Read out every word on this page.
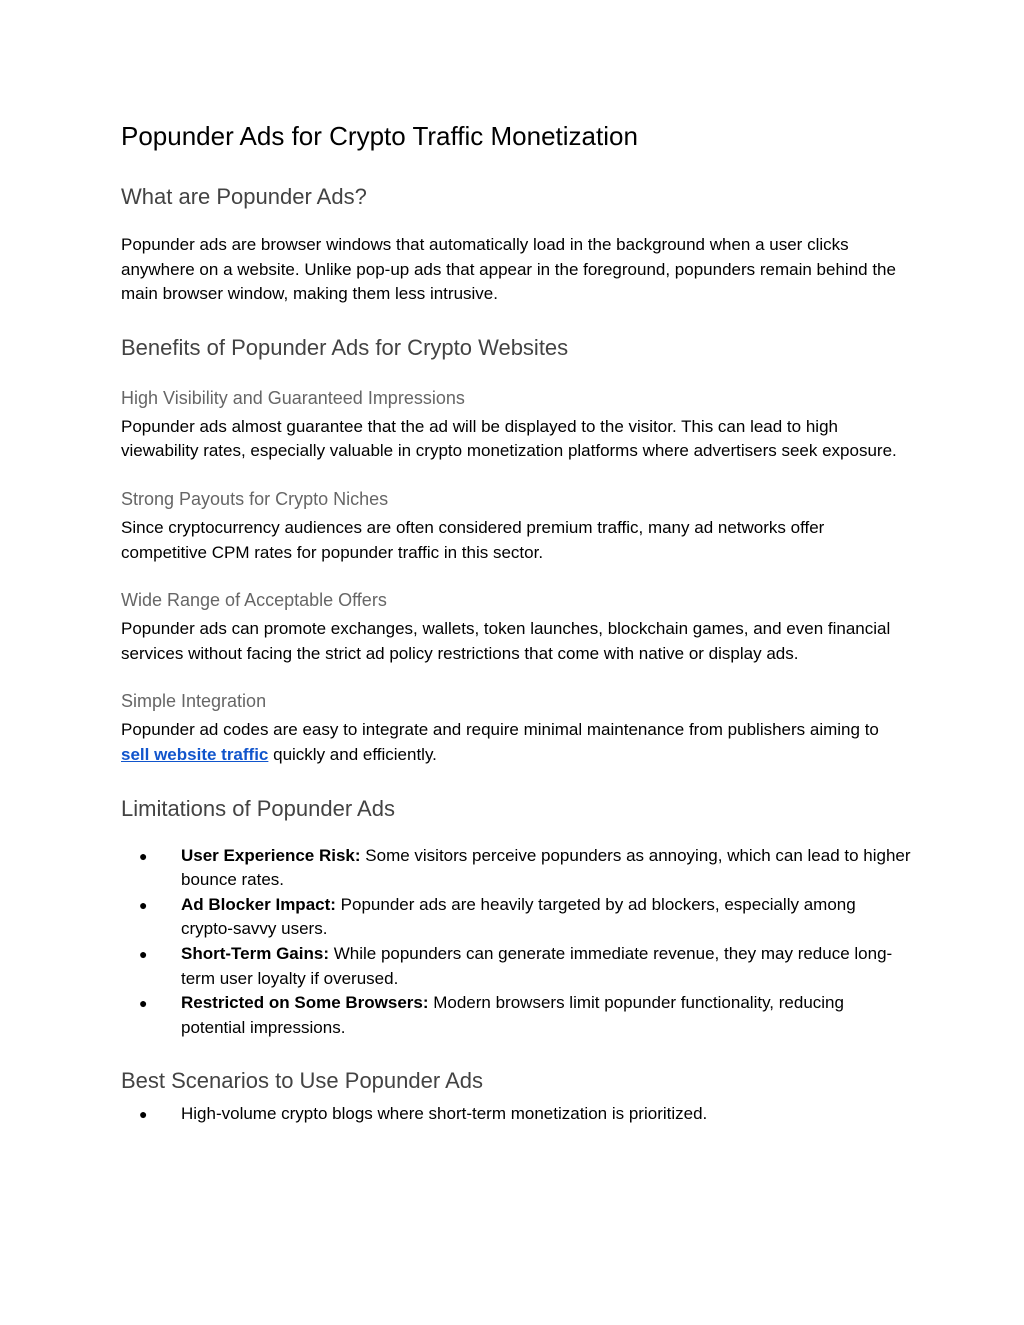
Popunder Ads for Crypto Traffic Monetization
What are Popunder Ads?

Popunder ads are browser windows that automatically load in the background when a user clicks anywhere on a website. Unlike pop-up ads that appear in the foreground, popunders remain behind the main browser window, making them less intrusive.

Benefits of Popunder Ads for Crypto Websites
High Visibility and Guaranteed Impressions

Popunder ads almost guarantee that the ad will be displayed to the visitor. This can lead to high viewability rates, especially valuable in crypto monetization platforms where advertisers seek exposure.

Strong Payouts for Crypto Niches

Since cryptocurrency audiences are often considered premium traffic, many ad networks offer competitive CPM rates for popunder traffic in this sector.

Wide Range of Acceptable Offers

Popunder ads can promote exchanges, wallets, token launches, blockchain games, and even financial services without facing the strict ad policy restrictions that come with native or display ads.

Simple Integration

Popunder ad codes are easy to integrate and require minimal maintenance from publishers aiming to sell website traffic quickly and efficiently.

Limitations of Popunder Ads
● User Experience Risk: Some visitors perceive popunders as annoying, which can lead to higher bounce rates.
● Ad Blocker Impact: Popunder ads are heavily targeted by ad blockers, especially among crypto-savvy users.
● Short-Term Gains: While popunders can generate immediate revenue, they may reduce long-term user loyalty if overused.
● Restricted on Some Browsers: Modern browsers limit popunder functionality, reducing potential impressions.
Best Scenarios to Use Popunder Ads
● High-volume crypto blogs where short-term monetization is prioritized.
